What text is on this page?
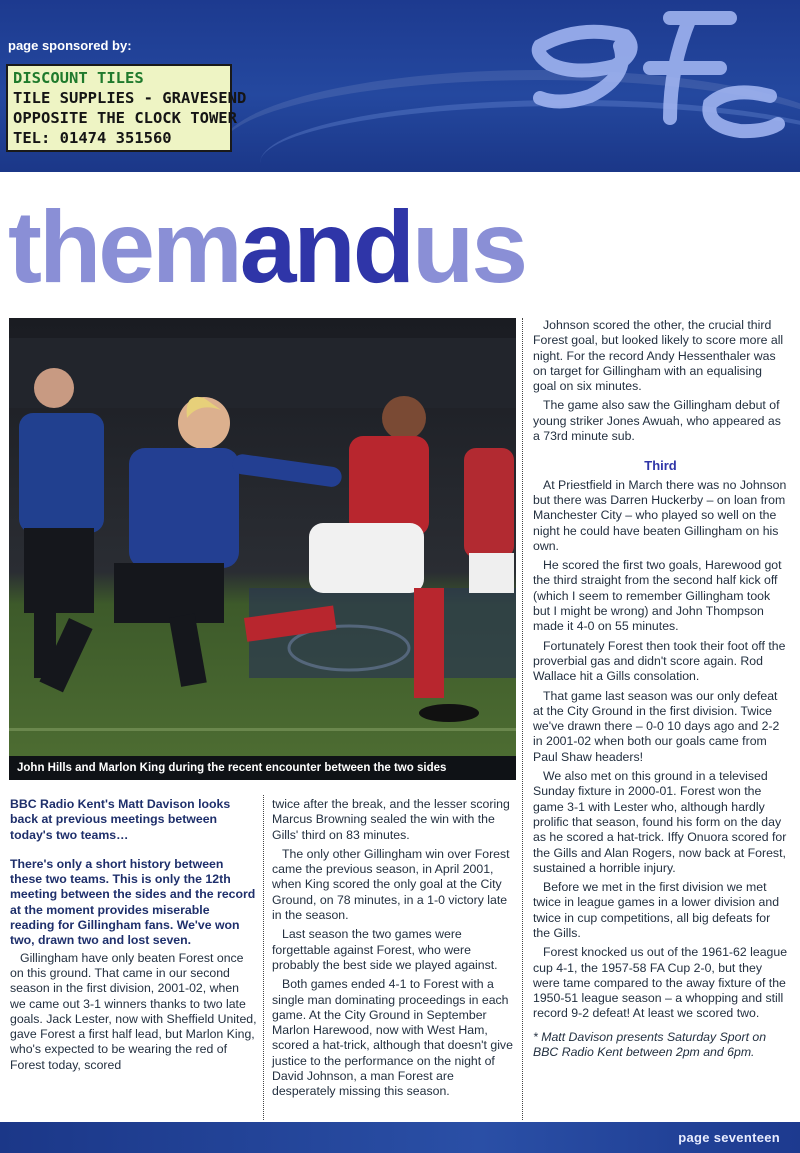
page sponsored by:
DISCOUNT TILES
TILE SUPPLIES - GRAVESEND
OPPOSITE THE CLOCK TOWER
TEL: 01474 351560
themandus
John Hills and Marlon King during the recent encounter between the two sides

BBC Radio Kent's Matt Davison looks back at previous meetings between today's two teams…

There's only a short history between these two teams. This is only the 12th meeting between the sides and the record at the moment provides miserable reading for Gillingham fans. We've won two, drawn two and lost seven.

Gillingham have only beaten Forest once on this ground. That came in our second season in the first division, 2001-02, when we came out 3-1 winners thanks to two late goals. Jack Lester, now with Sheffield United, gave Forest a first half lead, but Marlon King, who's expected to be wearing the red of Forest today, scored

twice after the break, and the lesser scoring Marcus Browning sealed the win with the Gills' third on 83 minutes.

The only other Gillingham win over Forest came the previous season, in April 2001, when King scored the only goal at the City Ground, on 78 minutes, in a 1-0 victory late in the season.

Last season the two games were forgettable against Forest, who were probably the best side we played against.

Both games ended 4-1 to Forest with a single man dominating proceedings in each game. At the City Ground in September Marlon Harewood, now with West Ham, scored a hat-trick, although that doesn't give justice to the performance on the night of David Johnson, a man Forest are desperately missing this season.

Johnson scored the other, the crucial third Forest goal, but looked likely to score more all night. For the record Andy Hessenthaler was on target for Gillingham with an equalising goal on six minutes.

The game also saw the Gillingham debut of young striker Jones Awuah, who appeared as a 73rd minute sub.

Third

At Priestfield in March there was no Johnson but there was Darren Huckerby – on loan from Manchester City – who played so well on the night he could have beaten Gillingham on his own.

He scored the first two goals, Harewood got the third straight from the second half kick off (which I seem to remember Gillingham took but I might be wrong) and John Thompson made it 4-0 on 55 minutes.

Fortunately Forest then took their foot off the proverbial gas and didn't score again. Rod Wallace hit a Gills consolation.

That game last season was our only defeat at the City Ground in the first division. Twice we've drawn there – 0-0 10 days ago and 2-2 in 2001-02 when both our goals came from Paul Shaw headers!

We also met on this ground in a televised Sunday fixture in 2000-01. Forest won the game 3-1 with Lester who, although hardly prolific that season, found his form on the day as he scored a hat-trick. Iffy Onuora scored for the Gills and Alan Rogers, now back at Forest, sustained a horrible injury.

Before we met in the first division we met twice in league games in a lower division and twice in cup competitions, all big defeats for the Gills.

Forest knocked us out of the 1961-62 league cup 4-1, the 1957-58 FA Cup 2-0, but they were tame compared to the away fixture of the 1950-51 league season – a whopping and still record 9-2 defeat! At least we scored two.

* Matt Davison presents Saturday Sport on BBC Radio Kent between 2pm and 6pm.

page seventeen
